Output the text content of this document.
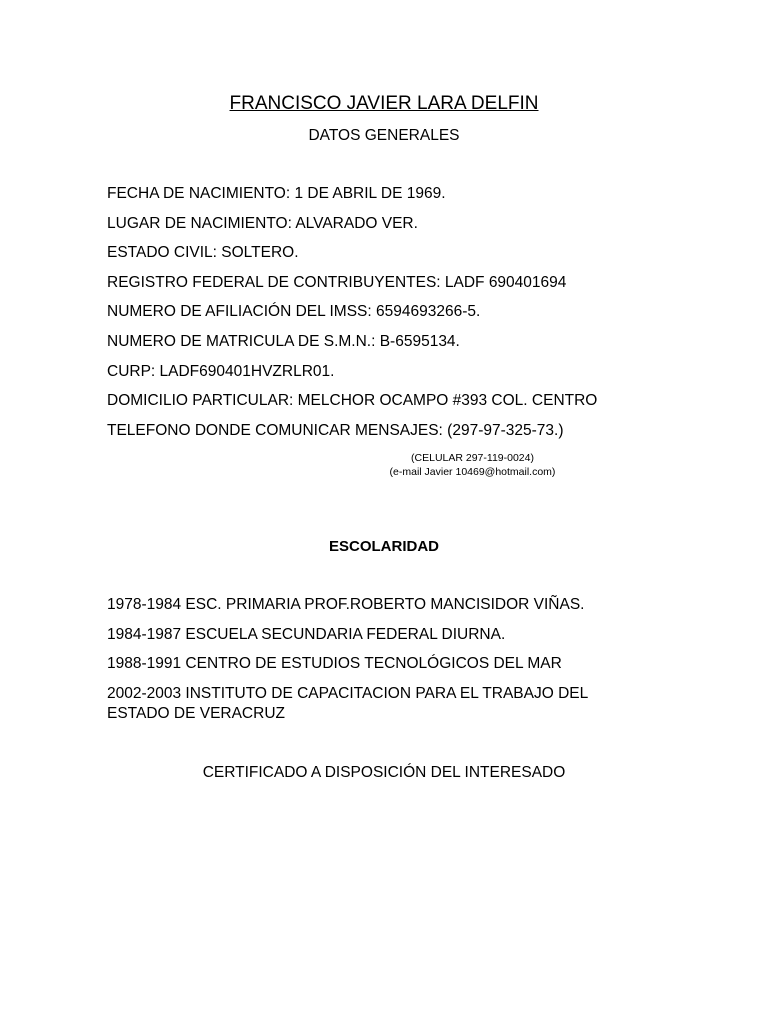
FRANCISCO JAVIER LARA DELFIN
DATOS GENERALES
FECHA DE NACIMIENTO: 1 DE ABRIL DE 1969.
LUGAR DE NACIMIENTO: ALVARADO VER.
ESTADO CIVIL: SOLTERO.
REGISTRO FEDERAL DE CONTRIBUYENTES: LADF 690401694
NUMERO DE AFILIACIÓN DEL IMSS: 6594693266-5.
NUMERO DE MATRICULA DE S.M.N.: B-6595134.
CURP: LADF690401HVZRLR01.
DOMICILIO PARTICULAR: MELCHOR OCAMPO #393 COL. CENTRO
TELEFONO DONDE COMUNICAR MENSAJES: (297-97-325-73.)
(CELULAR 297-119-0024)
(e-mail Javier 10469@hotmail.com)
ESCOLARIDAD
1978-1984 ESC. PRIMARIA PROF.ROBERTO MANCISIDOR VIÑAS.
1984-1987 ESCUELA SECUNDARIA FEDERAL DIURNA.
1988-1991 CENTRO DE ESTUDIOS TECNOLÓGICOS DEL MAR
2002-2003 INSTITUTO DE CAPACITACION PARA EL TRABAJO DEL ESTADO DE VERACRUZ
CERTIFICADO A DISPOSICIÓN DEL INTERESADO
